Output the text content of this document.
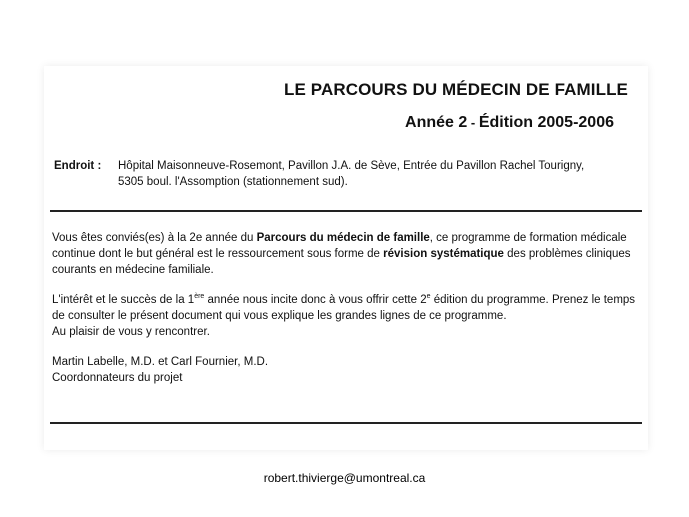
LE PARCOURS DU MÉDECIN DE FAMILLE
Année 2 - Édition 2005-2006
Endroit : Hôpital Maisonneuve-Rosemont, Pavillon J.A. de Sève, Entrée du Pavillon Rachel Tourigny,
5305 boul. l'Assomption (stationnement sud).

Vous êtes conviés(es) à la 2e année du Parcours du médecin de famille, ce programme de formation médicale
continue dont le but général est le ressourcement sous forme de révision systématique des problèmes cliniques
courants en médecine familiale.

L'intérêt et le succès de la 1ère année nous incite donc à vous offrir cette 2e édition du programme. Prenez le temps
de consulter le présent document qui vous explique les grandes lignes de ce programme.
Au plaisir de vous y rencontrer.

Martin Labelle, M.D. et Carl Fournier, M.D.
Coordonnateurs du projet

robert.thivierge@umontreal.ca
